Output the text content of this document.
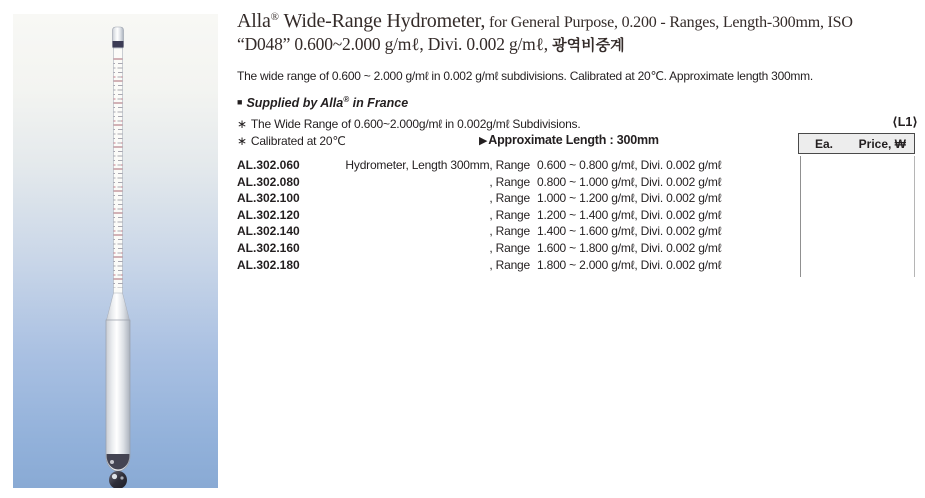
Alla® Wide-Range Hydrometer, for General Purpose, 0.200 - Ranges, Length-300mm, ISO
“D048” 0.600~2.000 g/mℓ, Divi. 0.002 g/mℓ, 광역비중계
The wide range of 0.600 ~ 2.000 g/mℓ in 0.002 g/mℓ subdivisions. Calibrated at 20℃. Approximate length 300mm.
■ Supplied by Alla® in France
∗ The Wide Range of 0.600~2.000g/mℓ in 0.002g/mℓ Subdivisions.
∗ Calibrated at 20℃	▶Approximate Length : 300mm
⟨L1⟩
Ea. Price, ₩
AL.302.060	Hydrometer, Length 300mm, Range 0.600 ~ 0.800 g/mℓ, Divi. 0.002 g/mℓ
AL.302.080	, Range 0.800 ~ 1.000 g/mℓ, Divi. 0.002 g/mℓ
AL.302.100	, Range 1.000 ~ 1.200 g/mℓ, Divi. 0.002 g/mℓ
AL.302.120	, Range 1.200 ~ 1.400 g/mℓ, Divi. 0.002 g/mℓ
AL.302.140	, Range 1.400 ~ 1.600 g/mℓ, Divi. 0.002 g/mℓ
AL.302.160	, Range 1.600 ~ 1.800 g/mℓ, Divi. 0.002 g/mℓ
AL.302.180	, Range 1.800 ~ 2.000 g/mℓ, Divi. 0.002 g/mℓ
